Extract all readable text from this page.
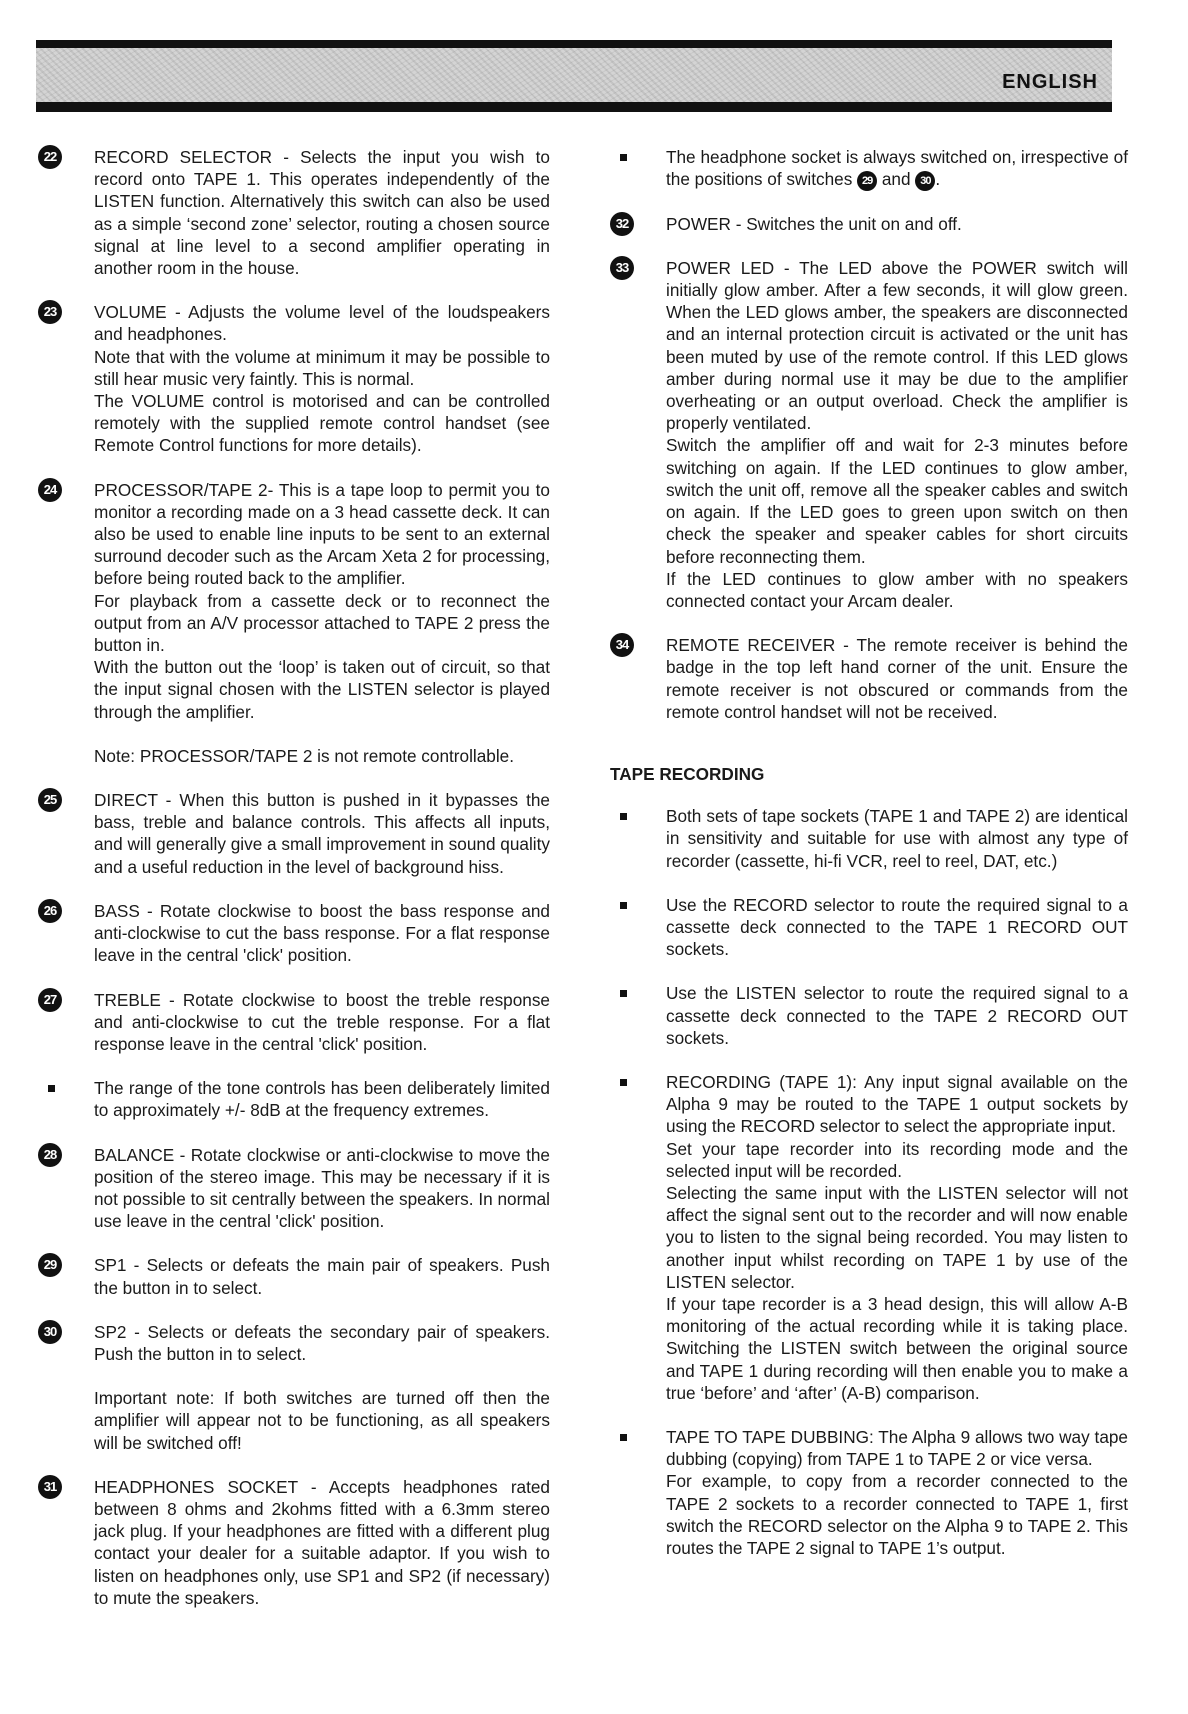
ENGLISH
22	RECORD SELECTOR - Selects the input you wish to record onto TAPE 1. This operates independently of the LISTEN function. Alternatively this switch can also be used as a simple ‘second zone’ selector, routing a chosen source signal at line level to a second amplifier operating in another room in the house.

23	VOLUME - Adjusts the volume level of the loudspeakers and headphones.

Note that with the volume at minimum it may be possible to still hear music very faintly. This is normal.

The VOLUME control is motorised and can be controlled remotely with the supplied remote control handset (see Remote Control functions for more details).

24	PROCESSOR/TAPE 2- This is a tape loop to permit you to monitor a recording made on a 3 head cassette deck. It can also be used to enable line inputs to be sent to an external surround decoder such as the Arcam Xeta 2 for processing, before being routed back to the amplifier.

For playback from a cassette deck or to reconnect the output from an A/V processor attached to TAPE 2 press the button in.

With the button out the ‘loop’ is taken out of circuit, so that the input signal chosen with the LISTEN selector is played through the amplifier.

Note: PROCESSOR/TAPE 2 is not remote controllable.

25	DIRECT - When this button is pushed in it bypasses the bass, treble and balance controls. This affects all inputs, and will generally give a small improvement in sound quality and a useful reduction in the level of background hiss.

26	BASS - Rotate clockwise to boost the bass response and anti-clockwise to cut the bass response. For a flat response leave in the central 'click' position.

27	TREBLE - Rotate clockwise to boost the treble response and anti-clockwise to cut the treble response. For a flat response leave in the central 'click' position.

The range of the tone controls has been deliberately limited to approximately +/- 8dB at the frequency extremes.

28	BALANCE - Rotate clockwise or anti-clockwise to move the position of the stereo image. This may be necessary if it is not possible to sit centrally between the speakers. In normal use leave in the central 'click' position.

29	SP1 - Selects or defeats the main pair of speakers. Push the button in to select.

30	SP2 - Selects or defeats the secondary pair of speakers. Push the button in to select.

Important note: If both switches are turned off then the amplifier will appear not to be functioning, as all speakers will be switched off!

31	HEADPHONES SOCKET - Accepts headphones rated between 8 ohms and 2kohms fitted with a 6.3mm stereo jack plug. If your headphones are fitted with a different plug contact your dealer for a suitable adaptor. If you wish to listen on headphones only, use SP1 and SP2 (if necessary) to mute the speakers.

The headphone socket is always switched on, irrespective of the positions of switches 29 and 30 .

32	POWER - Switches the unit on and off.

33	POWER LED - The LED above the POWER switch will initially glow amber. After a few seconds, it will glow green. When the LED glows amber, the speakers are disconnected and an internal protection circuit is activated or the unit has been muted by use of the remote control. If this LED glows amber during normal use it may be due to the amplifier overheating or an output overload. Check the amplifier is properly ventilated.

Switch the amplifier off and wait for 2-3 minutes before switching on again. If the LED continues to glow amber, switch the unit off, remove all the speaker cables and switch on again. If the LED goes to green upon switch on then check the speaker and speaker cables for short circuits before reconnecting them.

If the LED continues to glow amber with no speakers connected contact your Arcam dealer.

34	REMOTE RECEIVER - The remote receiver is behind the badge in the top left hand corner of the unit. Ensure the remote receiver is not obscured or commands from the remote control handset will not be received.

TAPE RECORDING

Both sets of tape sockets (TAPE 1 and TAPE 2) are identical in sensitivity and suitable for use with almost any type of recorder (cassette, hi-fi VCR, reel to reel, DAT, etc.)

Use the RECORD selector to route the required signal to a cassette deck connected to the TAPE 1 RECORD OUT sockets.

Use the LISTEN selector to route the required signal to a cassette deck connected to the TAPE 2 RECORD OUT sockets.

RECORDING (TAPE 1): Any input signal available on the Alpha 9 may be routed to the TAPE 1 output sockets by using the RECORD selector to select the appropriate input.

Set your tape recorder into its recording mode and the selected input will be recorded.

Selecting the same input with the LISTEN selector will not affect the signal sent out to the recorder and will now enable you to listen to the signal being recorded. You may listen to another input whilst recording on TAPE 1 by use of the LISTEN selector.

If your tape recorder is a 3 head design, this will allow A-B monitoring of the actual recording while it is taking place. Switching the LISTEN switch between the original source and TAPE 1 during recording will then enable you to make a true ‘before’ and ‘after’ (A-B) comparison.

TAPE TO TAPE DUBBING: The Alpha 9 allows two way tape dubbing (copying) from TAPE 1 to TAPE 2 or vice versa.

For example, to copy from a recorder connected to the TAPE 2 sockets to a recorder connected to TAPE 1, first switch the RECORD selector on the Alpha 9 to TAPE 2. This routes the TAPE 2 signal to TAPE 1’s output.
